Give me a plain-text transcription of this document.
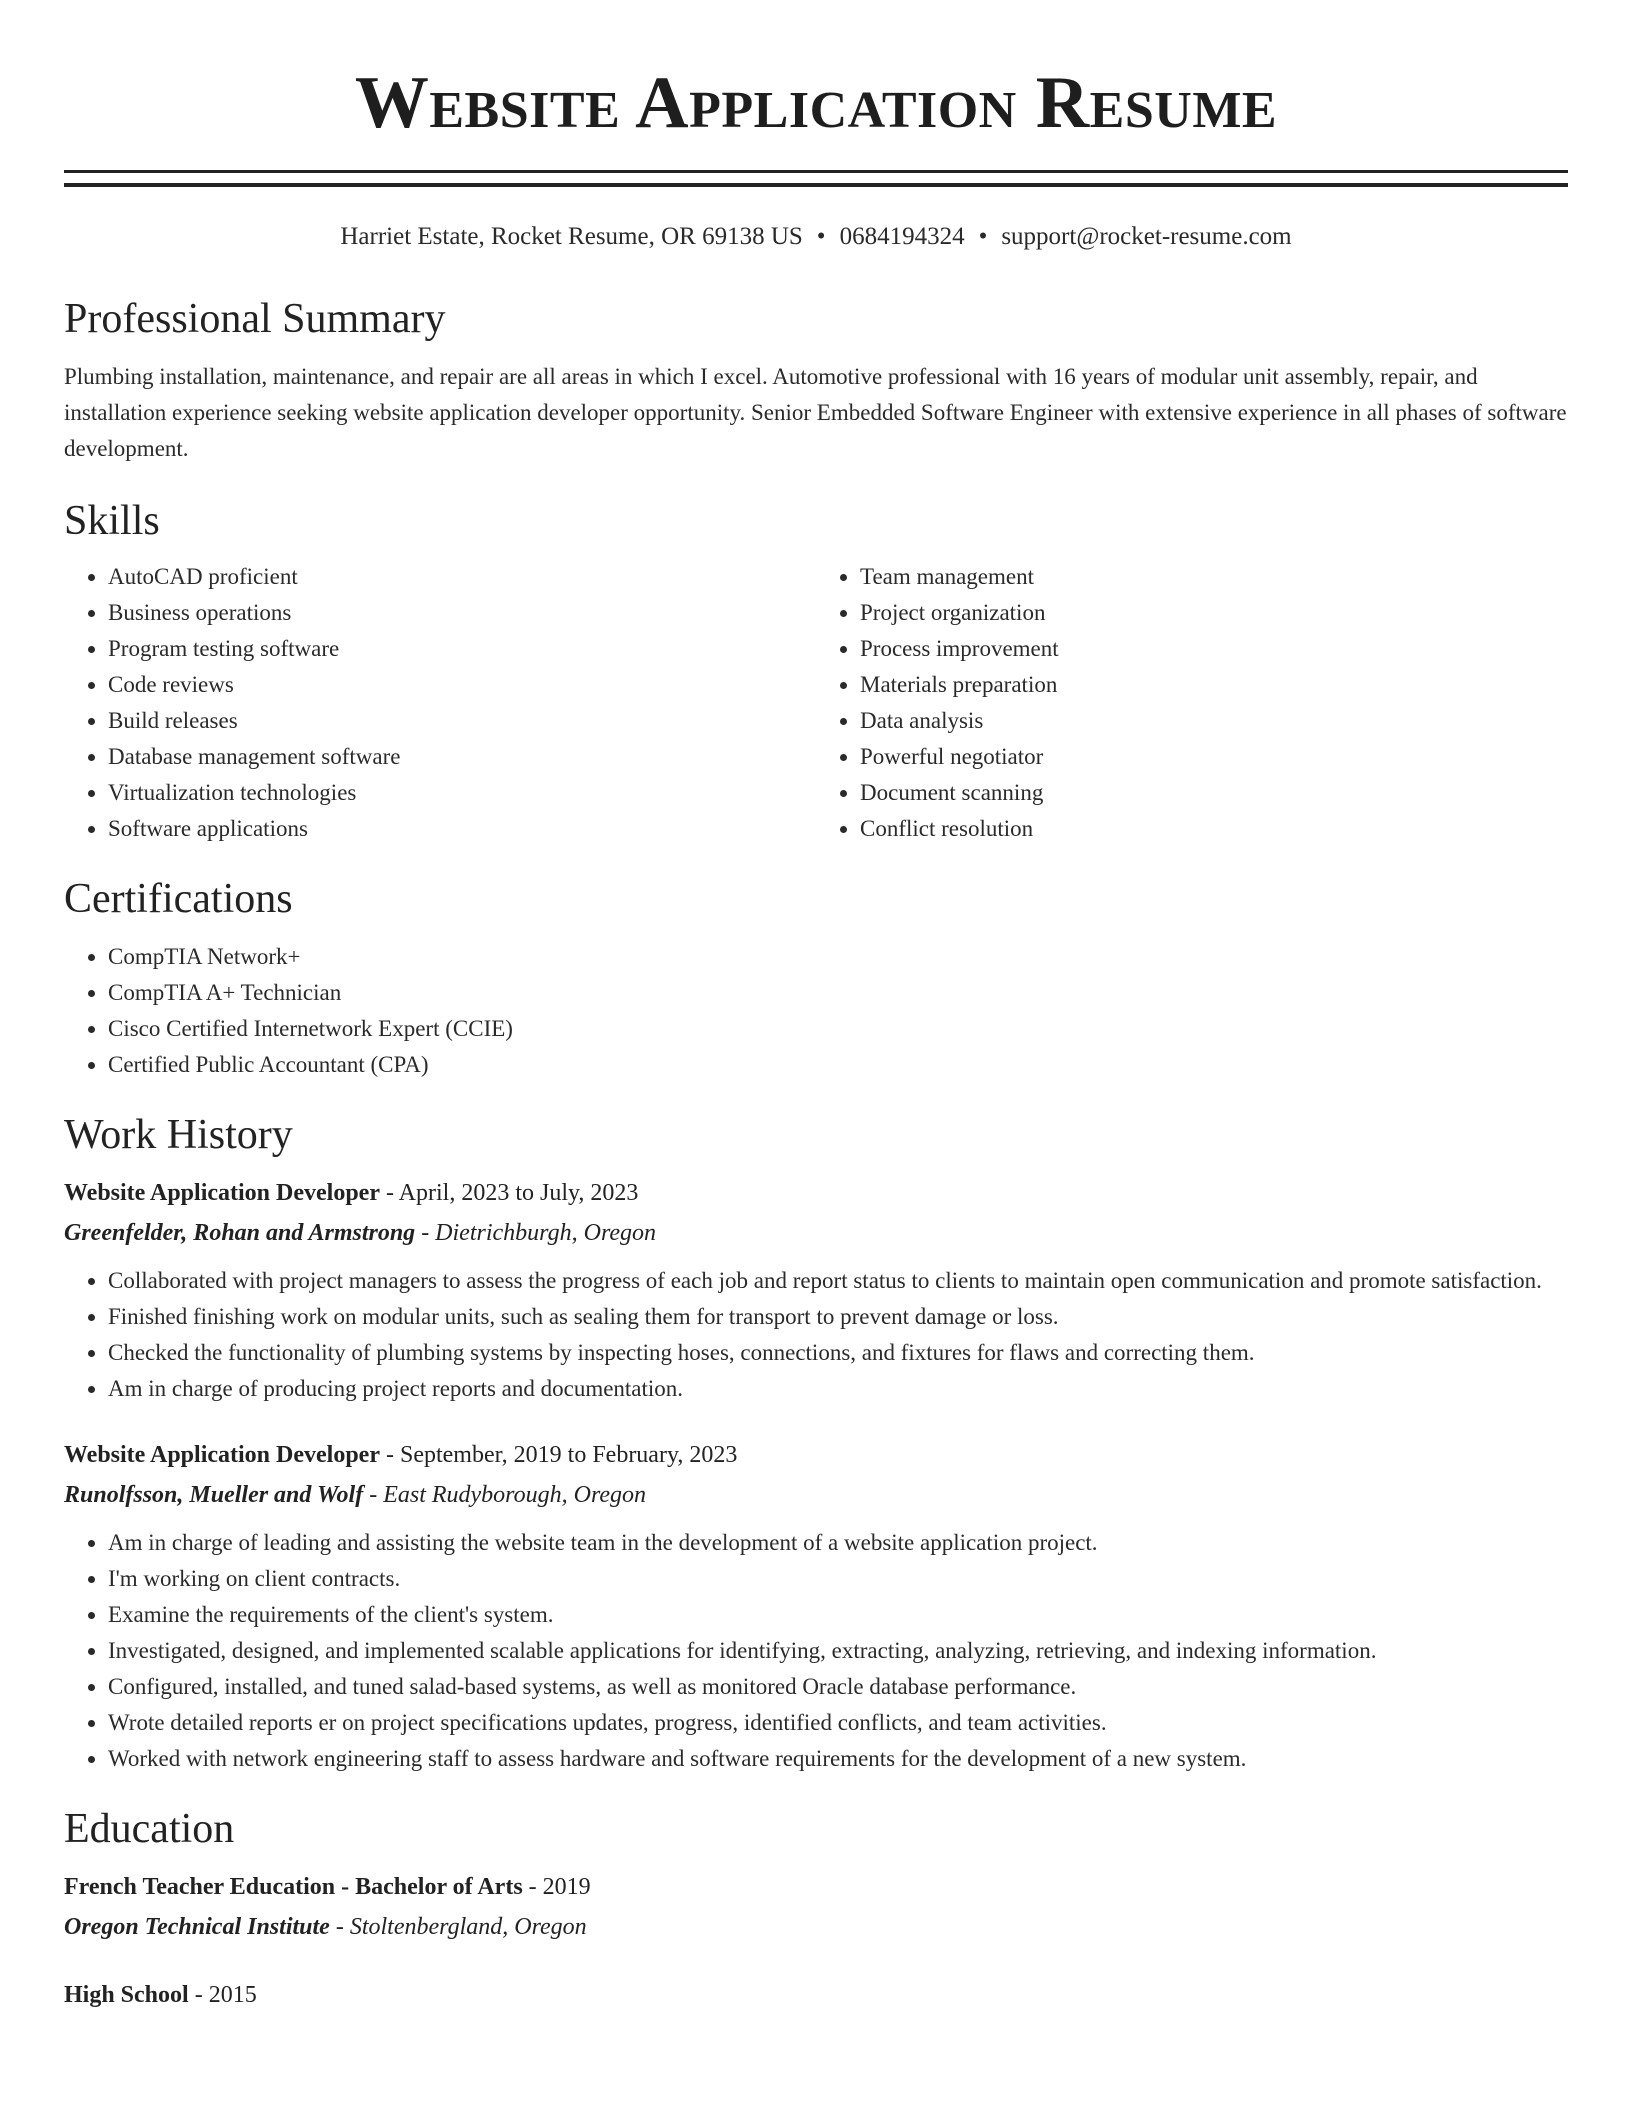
Website Application Resume
Harriet Estate, Rocket Resume, OR 69138 US • 0684194324 • support@rocket-resume.com
Professional Summary

Plumbing installation, maintenance, and repair are all areas in which I excel. Automotive professional with 16 years of modular unit assembly, repair, and installation experience seeking website application developer opportunity. Senior Embedded Software Engineer with extensive experience in all phases of software development.

Skills
• AutoCAD proficient
• Business operations
• Program testing software
• Code reviews
• Build releases
• Database management software
• Virtualization technologies
• Software applications
• Team management
• Project organization
• Process improvement
• Materials preparation
• Data analysis
• Powerful negotiator
• Document scanning
• Conflict resolution
Certifications
• CompTIA Network+
• CompTIA A+ Technician
• Cisco Certified Internetwork Expert (CCIE)
• Certified Public Accountant (CPA)
Work History
Website Application Developer - April, 2023 to July, 2023
Greenfelder, Rohan and Armstrong - Dietrichburgh, Oregon
• Collaborated with project managers to assess the progress of each job and report status to clients to maintain open communication and promote satisfaction.
• Finished finishing work on modular units, such as sealing them for transport to prevent damage or loss.
• Checked the functionality of plumbing systems by inspecting hoses, connections, and fixtures for flaws and correcting them.
• Am in charge of producing project reports and documentation.
Website Application Developer - September, 2019 to February, 2023
Runolfsson, Mueller and Wolf - East Rudyborough, Oregon
• Am in charge of leading and assisting the website team in the development of a website application project.
• I'm working on client contracts.
• Examine the requirements of the client's system.
• Investigated, designed, and implemented scalable applications for identifying, extracting, analyzing, retrieving, and indexing information.
• Configured, installed, and tuned salad-based systems, as well as monitored Oracle database performance.
• Wrote detailed reports er on project specifications updates, progress, identified conflicts, and team activities.
• Worked with network engineering staff to assess hardware and software requirements for the development of a new system.
Education
French Teacher Education - Bachelor of Arts - 2019
Oregon Technical Institute - Stoltenbergland, Oregon
High School - 2015
